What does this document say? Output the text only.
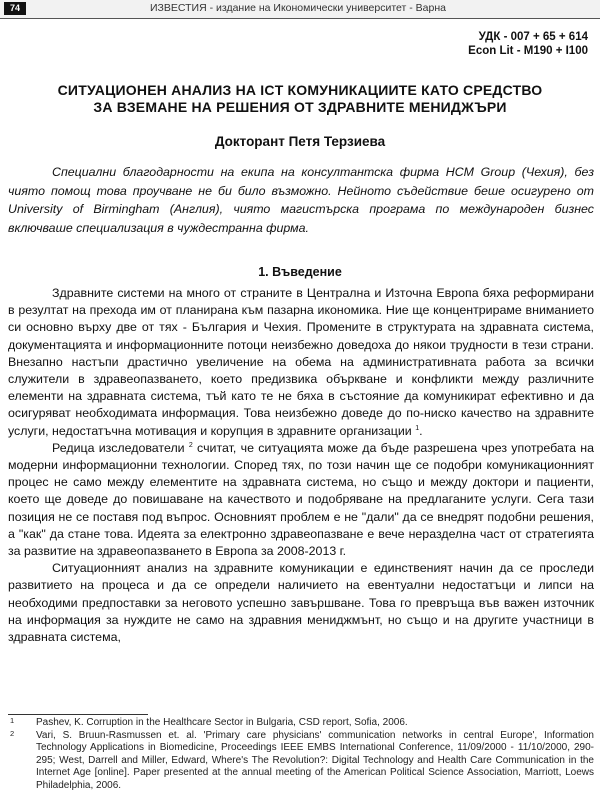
74	ИЗВЕСТИЯ - издание на Икономически университет - Варна
УДК - 007 + 65 + 614
Econ Lit - M190 + I100
СИТУАЦИОНЕН АНАЛИЗ НА ICT КОМУНИКАЦИИТЕ КАТО СРЕДСТВО
ЗА ВЗЕМАНЕ НА РЕШЕНИЯ ОТ ЗДРАВНИТЕ МЕНИДЖЪРИ
Докторант Петя Терзиева

Специални благодарности на екипа на консултантска фирма HCM Group (Чехия), без чиято помощ това проучване не би било възможно. Нейното съдействие беше осигурено от University of Birmingham (Англия), чиято магистърска програма по международен бизнес включваше специализация в чуждестранна фирма.

1. Въведение

Здравните системи на много от страните в Централна и Източна Европа бяха реформирани в резултат на прехода им от планирана към пазарна икономика. Ние ще концентрираме вниманието си основно върху две от тях - България и Чехия. Промените в структурата на здравната система, документацията и информационните потоци неизбежно доведоха до някои трудности в тези страни. Внезапно настъпи драстично увеличение на обема на административната работа за всички служители в здравеопазването, което предизвика объркване и конфликти между различните елементи на здравната система, тъй като те не бяха в състояние да комуникират ефективно и да осигуряват необходимата информация. Това неизбежно доведе до по-ниско качество на здравните услуги, недостатъчна мотивация и корупция в здравните организации $^1$.

Редица изследователи $^2$ считат, че ситуацията може да бъде разрешена чрез употребата на модерни информационни технологии. Според тях, по този начин ще се подобри комуникационният процес не само между елементите на здравната система, но също и между доктори и пациенти, което ще доведе до повишаване на качеството и подобряване на предлаганите услуги. Сега тази позиция не се поставя под въпрос. Основният проблем е не "дали" да се внедрят подобни решения, а "как" да стане това. Идеята за електронно здравеопазване е вече неразделна част от стратегията за развитие на здравеопазването в Европа за 2008-2013 г.

Ситуационният анализ на здравните комуникации е единственият начин да се проследи развитието на процеса и да се определи наличието на евентуални недостатъци и липси на необходими предпоставки за неговото успешно завършване. Това го превръща във важен източник на информация за нуждите не само на здравния мениджмънт, но също и на другите участници в здравната система,

1 Pashev, K. Corruption in the Healthcare Sector in Bulgaria, CSD report, Sofia, 2006.
2 Vari, S. Bruun-Rasmussen et. al. 'Primary care physicians' communication networks in central Europe', Information Technology Applications in Biomedicine, Proceedings IEEE EMBS International Conference, 11/09/2000 - 11/10/2000, 290-295; West, Darrell and Miller, Edward, Where's The Revolution?: Digital Technology and Health Care Communication in the Internet Age [online]. Paper presented at the annual meeting of the American Political Science Association, Marriott, Loews Philadelphia, 2006.
